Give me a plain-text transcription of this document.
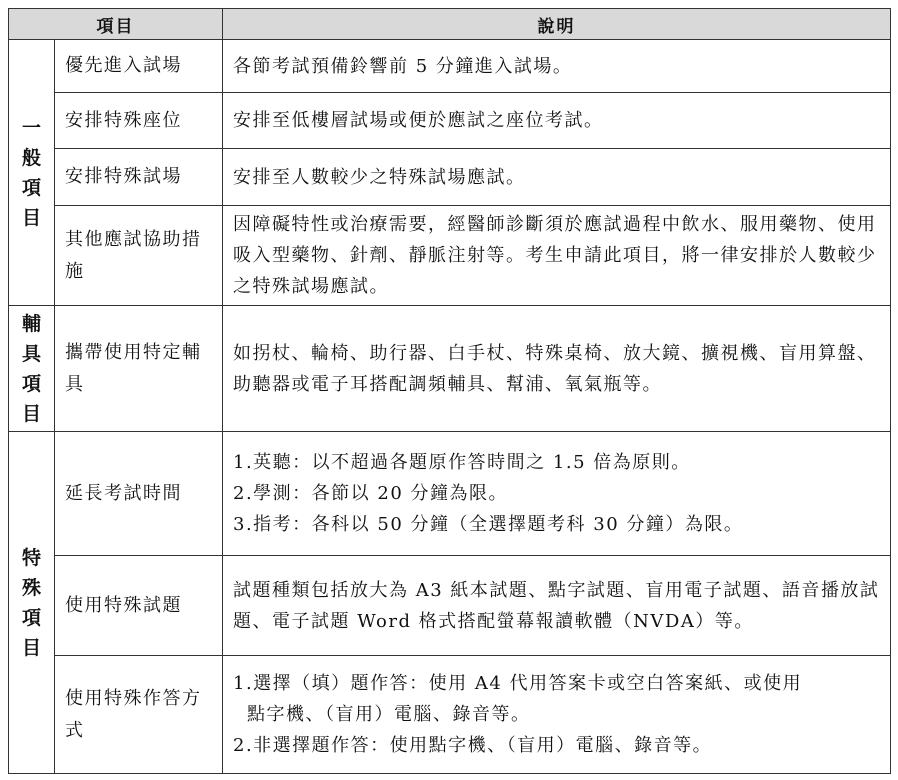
項目		說明

一般項目	優先進入試場	各節考試預備鈴響前 5 分鐘進入試場。
	安排特殊座位	安排至低樓層試場或便於應試之座位考試。
	安排特殊試場	安排至人數較少之特殊試場應試。
	其他應試協助措施	因障礙特性或治療需要，經醫師診斷須於應試過程中飲水、服用藥物、使用吸入型藥物、針劑、靜脈注射等。考生申請此項目，將一律安排於人數較少之特殊試場應試。

輔具項目	攜帶使用特定輔具	如拐杖、輪椅、助行器、白手杖、特殊桌椅、放大鏡、擴視機、盲用算盤、助聽器或電子耳搭配調頻輔具、幫浦、氧氣瓶等。

特殊項目	延長考試時間	1.英聽：以不超過各題原作答時間之 1.5 倍為原則。
2.學測：各節以 20 分鐘為限。
3.指考：各科以 50 分鐘（全選擇題考科 30 分鐘）為限。

	使用特殊試題	試題種類包括放大為 A3 紙本試題、點字試題、盲用電子試題、語音播放試題、電子試題 Word 格式搭配螢幕報讀軟體（NVDA）等。
	使用特殊作答方式	1.選擇（填）題作答：使用 A4 代用答案卡或空白答案紙、或使用
點字機、（盲用）電腦、錄音等。
2.非選擇題作答：使用點字機、（盲用）電腦、錄音等。
